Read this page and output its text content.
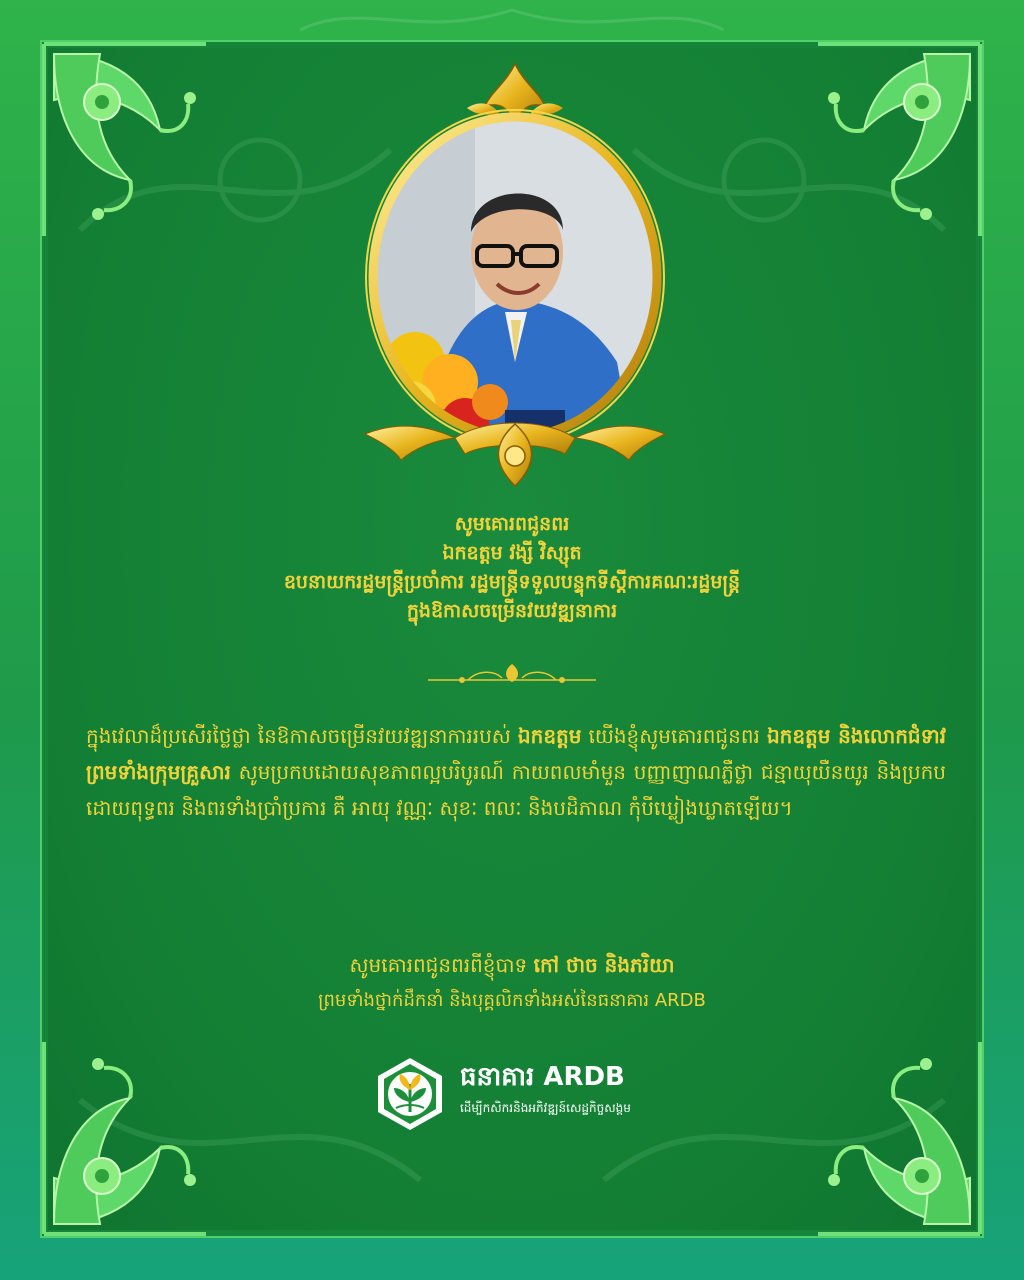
សូមគោរពជូនពរ
ឯកឧត្តម វង្សី វិស្សុត
ឧបនាយករដ្ឋមន្ត្រីប្រចាំការ រដ្ឋមន្ត្រីទទួលបន្ទុកទីស្តីការគណៈរដ្ឋមន្ត្រី
ក្នុងឱកាសចម្រើនវយវឌ្ឍនាការ
ក្នុងវេលាដ៏ប្រសើរថ្លៃថ្លា នៃឱកាសចម្រើនវយវឌ្ឍនាការរបស់ ឯកឧត្តម យើងខ្ញុំសូមគោរពជូនពរ ឯកឧត្តម និងលោកជំទាវ ព្រមទាំងក្រុមគ្រួសារ សូមប្រកបដោយសុខភាពល្អបរិបូរណ៍ កាយពលមាំមួន បញ្ញាញាណភ្លឺថ្លា ជន្មាយុយឺនយូរ និងប្រកបដោយពុទ្ធពរ និងពរទាំងប្រាំប្រការ គឺ អាយុ វណ្ណៈ សុខៈ ពលៈ និងបដិភាណ កុំបីឃ្លៀងឃ្លាតឡើយ។
សូមគោរពជូនពរពីខ្ញុំបាទ កៅ ថាច និងភរិយា
ព្រមទាំងថ្នាក់ដឹកនាំ និងបុគ្គលិកទាំងអស់នៃធនាគារ ARDB
ធនាគារ ARDB
ដើម្បីកសិករនិងអភិវឌ្ឍន៍សេដ្ឋកិច្ចសង្គម
